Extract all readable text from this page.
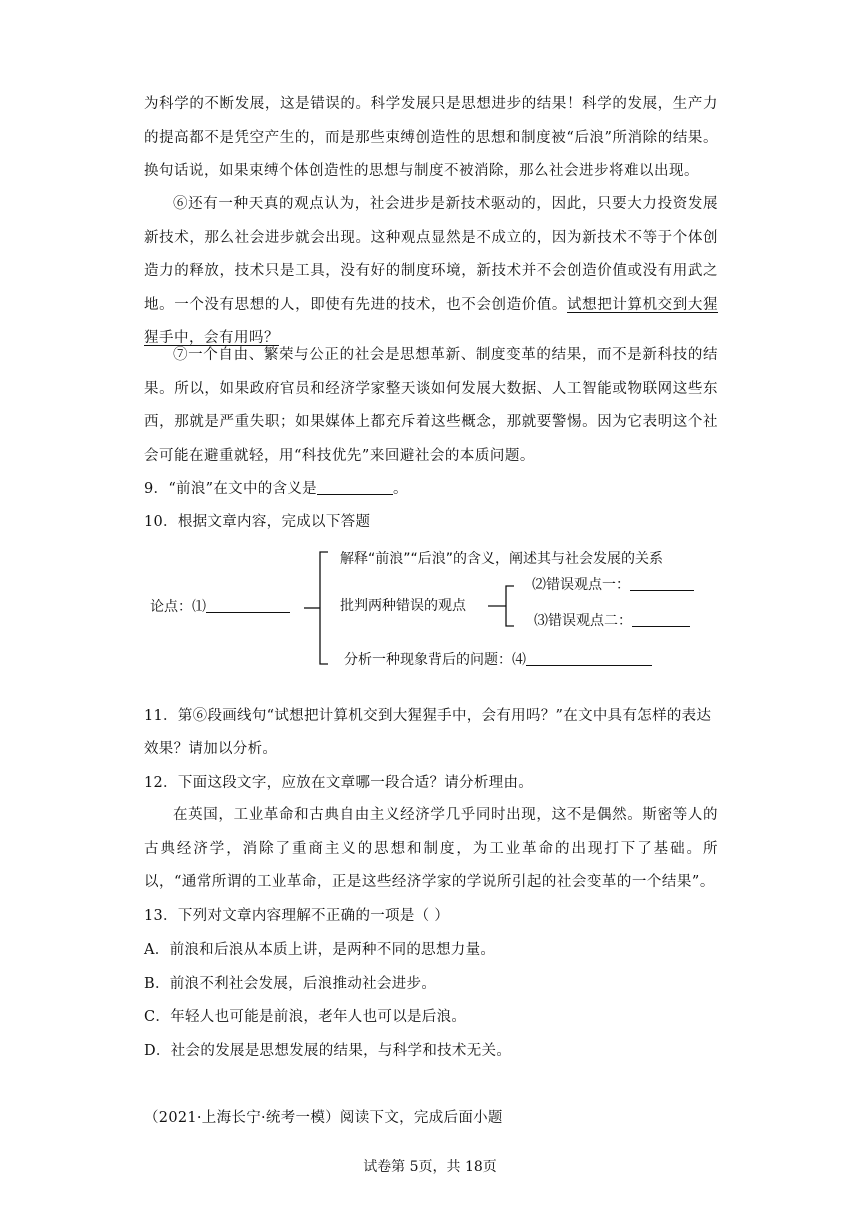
为科学的不断发展，这是错误的。科学发展只是思想进步的结果！科学的发展，生产力的提高都不是凭空产生的，而是那些束缚创造性的思想和制度被“后浪”所消除的结果。换句话说，如果束缚个体创造性的思想与制度不被消除，那么社会进步将难以出现。

⑥还有一种天真的观点认为，社会进步是新技术驱动的，因此，只要大力投资发展新技术，那么社会进步就会出现。这种观点显然是不成立的，因为新技术不等于个体创造力的释放，技术只是工具，没有好的制度环境，新技术并不会创造价值或没有用武之地。一个没有思想的人，即使有先进的技术，也不会创造价值。试想把计算机交到大猩猩手中，会有用吗？

⑦一个自由、繁荣与公正的社会是思想革新、制度变革的结果，而不是新科技的结果。所以，如果政府官员和经济学家整天谈如何发展大数据、人工智能或物联网这些东西，那就是严重失职；如果媒体上都充斥着这些概念，那就要警惕。因为它表明这个社会可能在避重就轻，用“科技优先”来回避社会的本质问题。

9．“前浪”在文中的含义是	。

10．根据文章内容，完成以下答题

论点：⑴
解释“前浪”“后浪”的含义，阐述其与社会发展的关系
批判两种错误的观点
⑵错误观点一：
⑶错误观点二：
分析一种现象背后的问题：⑷

11．第⑥段画线句“试想把计算机交到大猩猩手中，会有用吗？”在文中具有怎样的表达

效果？请加以分析。

12．下面这段文字，应放在文章哪一段合适？请分析理由。

在英国，工业革命和古典自由主义经济学几乎同时出现，这不是偶然。斯密等人的古典经济学，消除了重商主义的思想和制度，为工业革命的出现打下了基础。所以，“通常所谓的工业革命，正是这些经济学家的学说所引起的社会变革的一个结果”。

13．下列对文章内容理解不正确的一项是（ ）

A．前浪和后浪从本质上讲，是两种不同的思想力量。

B．前浪不利社会发展，后浪推动社会进步。

C．年轻人也可能是前浪，老年人也可以是后浪。

D．社会的发展是思想发展的结果，与科学和技术无关。

（2021·上海长宁·统考一模）阅读下文，完成后面小题

试卷第 5页，共 18页
